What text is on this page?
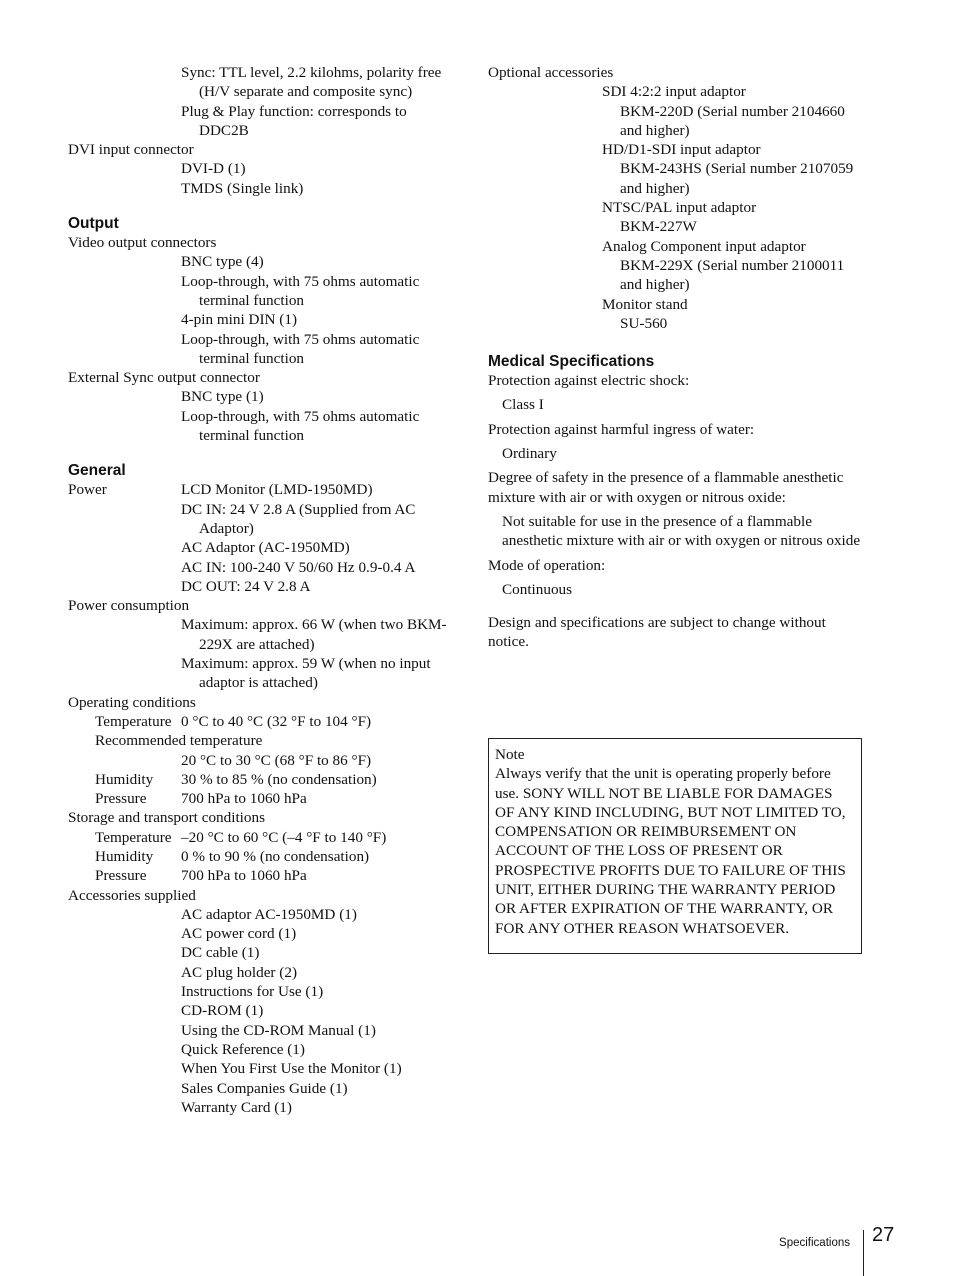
Sync: TTL level, 2.2 kilohms, polarity free (H/V separate and composite sync)
Plug & Play function: corresponds to DDC2B
DVI input connector
DVI-D (1)
TMDS (Single link)
Output
Video output connectors
BNC type (4)
Loop-through, with 75 ohms automatic terminal function
4-pin mini DIN (1)
Loop-through, with 75 ohms automatic terminal function
External Sync output connector
BNC type (1)
Loop-through, with 75 ohms automatic terminal function
General
Power	LCD Monitor (LMD-1950MD)
DC IN: 24 V 2.8 A (Supplied from AC Adaptor)
AC Adaptor (AC-1950MD)
AC IN: 100-240 V 50/60 Hz 0.9-0.4 A
DC OUT: 24 V 2.8 A
Power consumption
Maximum: approx. 66 W (when two BKM-229X are attached)
Maximum: approx. 59 W (when no input adaptor is attached)
Operating conditions
Temperature 0 °C to 40 °C (32 °F to 104 °F)
Recommended temperature
20 °C to 30 °C (68 °F to 86 °F)
Humidity	30 % to 85 % (no condensation)
Pressure	700 hPa to 1060 hPa
Storage and transport conditions
Temperature –20 °C to 60 °C (–4 °F to 140 °F)
Humidity	0 % to 90 % (no condensation)
Pressure	700 hPa to 1060 hPa
Accessories supplied
AC adaptor AC-1950MD (1)
AC power cord (1)
DC cable (1)
AC plug holder (2)
Instructions for Use (1)
CD-ROM (1)
Using the CD-ROM Manual (1)
Quick Reference (1)
When You First Use the Monitor (1)
Sales Companies Guide (1)
Warranty Card (1)
Optional accessories
SDI 4:2:2 input adaptor
BKM-220D (Serial number 2104660 and higher)
HD/D1-SDI input adaptor
BKM-243HS (Serial number 2107059 and higher)
NTSC/PAL input adaptor
BKM-227W
Analog Component input adaptor
BKM-229X (Serial number 2100011 and higher)
Monitor stand
SU-560
Medical Specifications
Protection against electric shock:
Class I
Protection against harmful ingress of water:
Ordinary
Degree of safety in the presence of a flammable anesthetic mixture with air or with oxygen or nitrous oxide:
Not suitable for use in the presence of a flammable anesthetic mixture with air or with oxygen or nitrous oxide
Mode of operation:
Continuous
Design and specifications are subject to change without notice.
Note
Always verify that the unit is operating properly before use. SONY WILL NOT BE LIABLE FOR DAMAGES OF ANY KIND INCLUDING, BUT NOT LIMITED TO, COMPENSATION OR REIMBURSEMENT ON ACCOUNT OF THE LOSS OF PRESENT OR PROSPECTIVE PROFITS DUE TO FAILURE OF THIS UNIT, EITHER DURING THE WARRANTY PERIOD OR AFTER EXPIRATION OF THE WARRANTY, OR FOR ANY OTHER REASON WHATSOEVER.
Specifications 27
